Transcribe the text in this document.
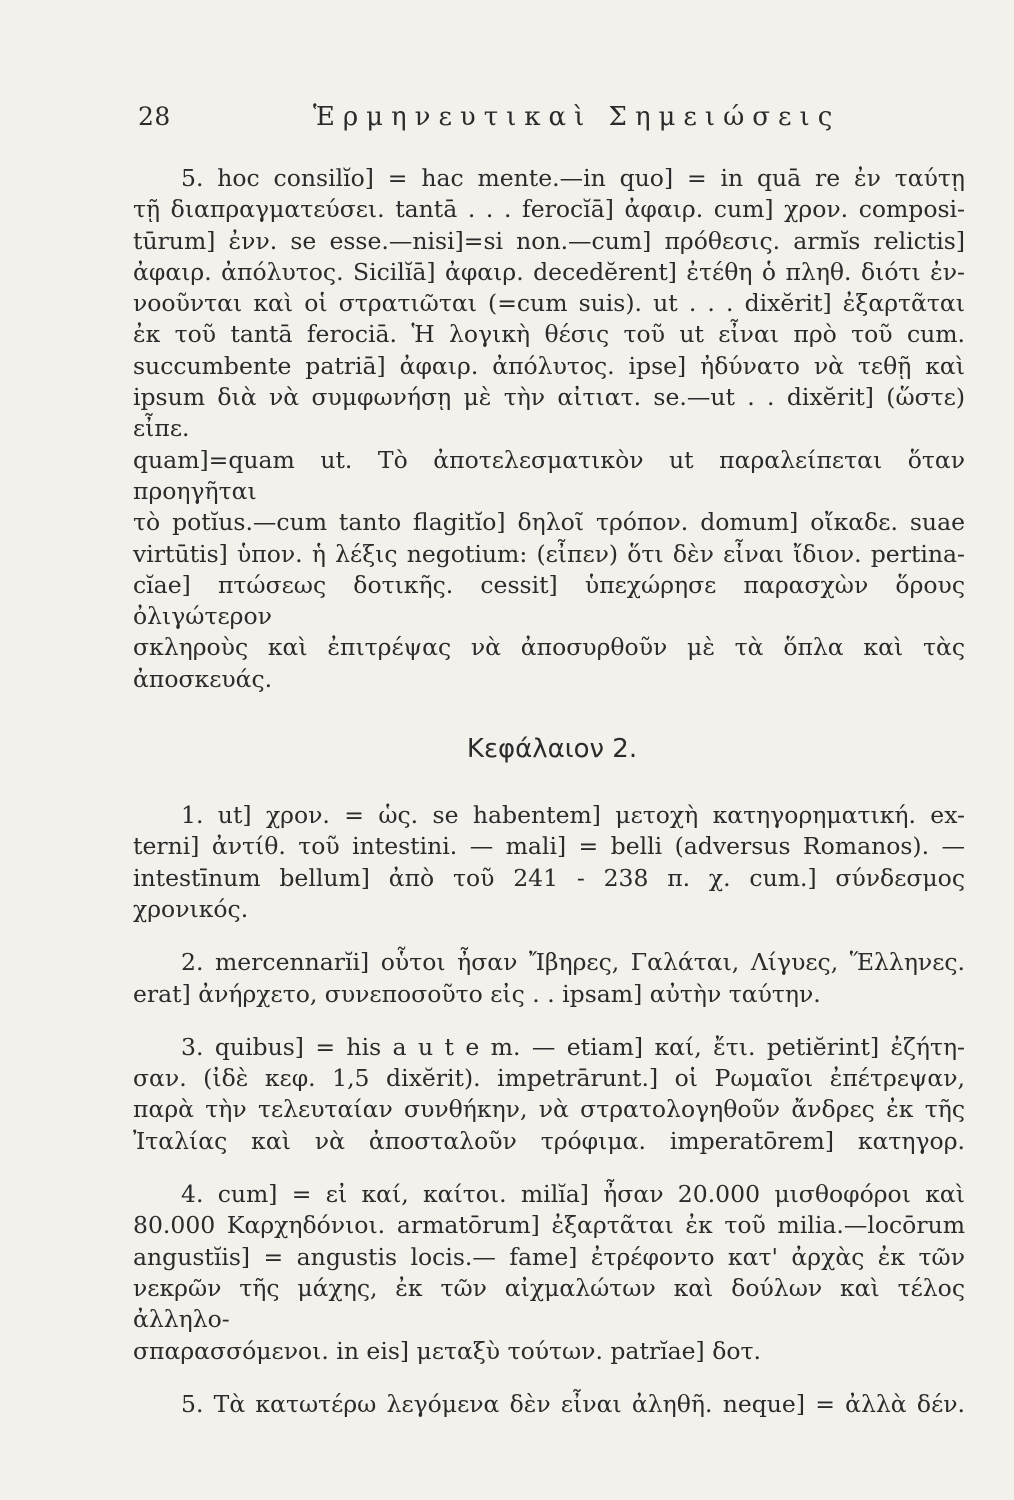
28	Ἑρμηνευτικαὶ Σημειώσεις
5. hoc consilĭo] = hac mente.—in quo] = in quā re ἐν ταύτῃ
τῇ διαπραγματεύσει. tantā . . . ferocĭā] ἀφαιρ. cum] χρον. composi-
tūrum] ἐνν. se esse.—nisi]=si non.—cum] πρόθεσις. armĭs relictis]
ἀφαιρ. ἀπόλυτος. Sicilĭā] ἀφαιρ. decedĕrent] ἐτέθη ὁ πληθ. διότι ἐν-
νοοῦνται καὶ οἱ στρατιῶται (=cum suis). ut . . . dixĕrit] ἐξαρτᾶται
ἐκ τοῦ tantā ferociā. Ἡ λογικὴ θέσις τοῦ ut εἶναι πρὸ τοῦ cum.
succumbente patriā] ἀφαιρ. ἀπόλυτος. ipse] ἠδύνατο νὰ τεθῇ καὶ
ipsum διὰ νὰ συμφωνήσῃ μὲ τὴν αἰτιατ. se.—ut . . dixĕrit] (ὥστε) εἶπε.
quam]=quam ut. Τὸ ἀποτελεσματικὸν ut παραλείπεται ὅταν προηγῆται
τὸ potĭus.—cum tanto flagitĭo] δηλοῖ τρόπον. domum] οἴκαδε. suae
virtūtis] ὑπον. ἡ λέξις negotium: (εἶπεν) ὅτι δὲν εἶναι ἴδιον. pertina-
cĭae] πτώσεως δοτικῆς. cessit] ὑπεχώρησε παρασχὼν ὅρους ὀλιγώτερον
σκληροὺς καὶ ἐπιτρέψας νὰ ἀποσυρθοῦν μὲ τὰ ὅπλα καὶ τὰς ἀποσκευάς.
Κεφάλαιον 2.
1. ut] χρον. = ὡς. se habentem] μετοχὴ κατηγορηματική. ex-
terni] ἀντίθ. τοῦ intestini. — mali] = belli (adversus Romanos). —
intestīnum bellum] ἀπὸ τοῦ 241 - 238 π. χ. cum.] σύνδεσμος χρονικός.
2. mercennarĭi] οὗτοι ἦσαν Ἴβηρες, Γαλάται, Λίγυες, Ἕλληνες.
erat] ἀνήρχετο, συνεποσοῦτο εἰς . . ipsam] αὐτὴν ταύτην.
3. quibus] = his a u t e m. — etiam] καί, ἔτι. petiĕrint] ἐζήτη-
σαν. (ἰδὲ κεφ. 1,5 dixĕrit). impetrārunt.] οἱ Ρωμαῖοι ἐπέτρεψαν,
παρὰ τὴν τελευταίαν συνθήκην, νὰ στρατολογηθοῦν ἄνδρες ἐκ τῆς
Ἰταλίας καὶ νὰ ἀποσταλοῦν τρόφιμα. imperatōrem] κατηγορ.
4. cum] = εἰ καί, καίτοι. milĭa] ἦσαν 20.000 μισθοφόροι καὶ
80.000 Καρχηδόνιοι. armatōrum] ἐξαρτᾶται ἐκ τοῦ milia.—locōrum
angustĭis] = angustis locis.— fame] ἐτρέφοντο κατ' ἀρχὰς ἐκ τῶν
νεκρῶν τῆς μάχης, ἐκ τῶν αἰχμαλώτων καὶ δούλων καὶ τέλος ἀλληλο-
σπαρασσόμενοι. in eis] μεταξὺ τούτων. patrĭae] δοτ.
5. Τὰ κατωτέρω λεγόμενα δὲν εἶναι ἀληθῆ. neque] = ἀλλὰ δέν.
